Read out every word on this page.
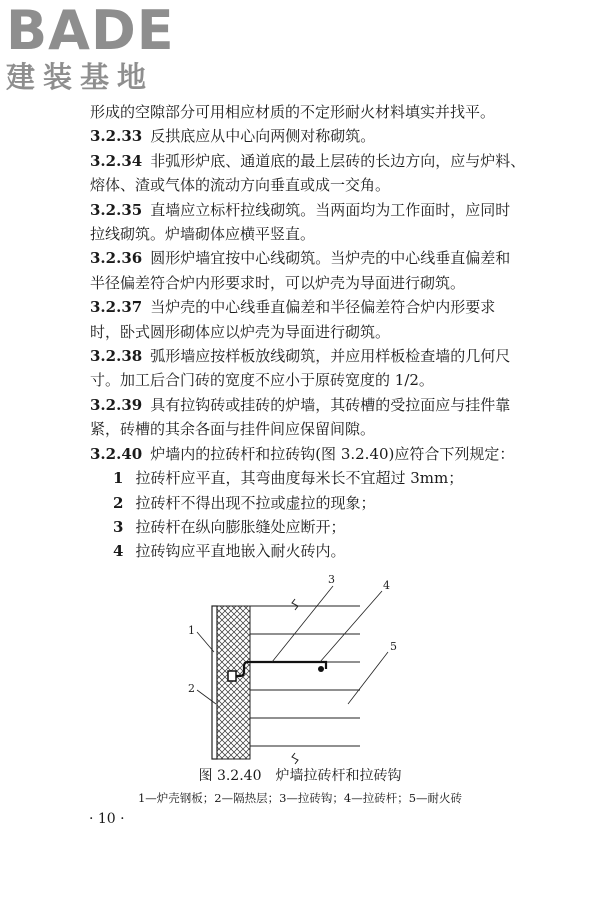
BADE
建装基地
形成的空隙部分可用相应材质的不定形耐火材料填实并找平。
3.2.33 反拱底应从中心向两侧对称砌筑。
3.2.34 非弧形炉底、通道底的最上层砖的长边方向，应与炉料、
熔体、渣或气体的流动方向垂直或成一交角。
3.2.35 直墙应立标杆拉线砌筑。当两面均为工作面时，应同时
拉线砌筑。炉墙砌体应横平竖直。
3.2.36 圆形炉墙宜按中心线砌筑。当炉壳的中心线垂直偏差和
半径偏差符合炉内形要求时，可以炉壳为导面进行砌筑。
3.2.37 当炉壳的中心线垂直偏差和半径偏差符合炉内形要求
时，卧式圆形砌体应以炉壳为导面进行砌筑。
3.2.38 弧形墙应按样板放线砌筑，并应用样板检查墙的几何尺
寸。加工后合门砖的宽度不应小于原砖宽度的 1/2。
3.2.39 具有拉钩砖或挂砖的炉墙，其砖槽的受拉面应与挂件靠
紧，砖槽的其余各面与挂件间应保留间隙。
3.2.40 炉墙内的拉砖杆和拉砖钩(图 3.2.40)应符合下列规定：
1 拉砖杆应平直，其弯曲度每米长不宜超过 3mm；
2 拉砖杆不得出现不拉或虚拉的现象；
3 拉砖杆在纵向膨胀缝处应断开；
4 拉砖钩应平直地嵌入耐火砖内。
1
2
3	4
5
图 3.2.40　炉墙拉砖杆和拉砖钩
1—炉壳钢板；2—隔热层；3—拉砖钩；4—拉砖杆；5—耐火砖
· 10 ·
